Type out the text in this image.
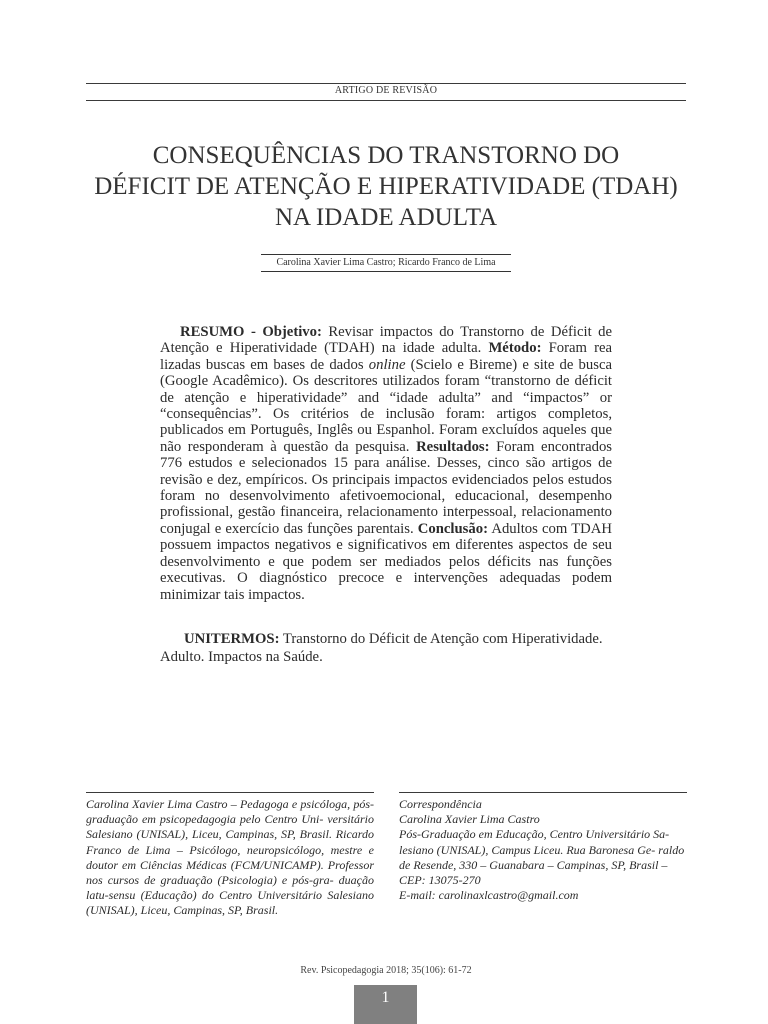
ARTIGO DE REVISÃO
CONSEQUÊNCIAS DO TRANSTORNO DO
DÉFICIT DE ATENÇÃO E HIPERATIVIDADE (TDAH)
NA IDADE ADULTA
Carolina Xavier Lima Castro; Ricardo Franco de Lima

RESUMO - Objetivo: Revisar impactos do Transtorno de Déficit de Atenção e Hiperatividade (TDAH) na idade adulta. Método: Foram rea lizadas buscas em bases de dados online (Scielo e Bireme) e site de busca (Google Acadêmico). Os descritores utilizados foram “transtorno de déficit de atenção e hiperatividade” and “idade adulta” and “impactos” or “consequências”. Os critérios de inclusão foram: artigos completos, publicados em Português, Inglês ou Espanhol. Foram excluídos aqueles que não responderam à questão da pesquisa. Resultados: Foram encontrados 776 estudos e selecionados 15 para análise. Desses, cinco são artigos de revisão e dez, empíricos. Os principais impactos evidenciados pelos estudos foram no desenvolvimento afetivoemocional, educacional, desempenho profissional, gestão financeira, relacionamento interpessoal, relacionamento conjugal e exercício das funções parentais. Conclusão: Adultos com TDAH possuem impactos negativos e significativos em diferentes aspectos de seu desenvolvimento e que podem ser mediados pelos déficits nas funções executivas. O diagnóstico precoce e intervenções adequadas podem minimizar tais impactos.

UNITERMOS: Transtorno do Déficit de Atenção com Hiperatividade. Adulto. Impactos na Saúde.

Carolina Xavier Lima Castro – Pedagoga e psicóloga, pós-graduação em psicopedagogia pelo Centro Uni- versitário Salesiano (UNISAL), Liceu, Campinas, SP, Brasil. Ricardo Franco de Lima – Psicólogo, neuropsicólogo, mestre e doutor em Ciências Médicas (FCM/UNICAMP). Professor nos cursos de graduação (Psicologia) e pós-gra- duação latu-sensu (Educação) do Centro Universitário Salesiano (UNISAL), Liceu, Campinas, SP, Brasil.

Correspondência
Carolina Xavier Lima Castro
Pós-Graduação em Educação, Centro Universitário Sa- lesiano (UNISAL), Campus Liceu. Rua Baronesa Ge- raldo de Resende, 330 – Guanabara – Campinas, SP, Brasil – CEP: 13075-270
E-mail: carolinaxlcastro@gmail.com
Rev. Psicopedagogia 2018; 35(106): 61-72
1
